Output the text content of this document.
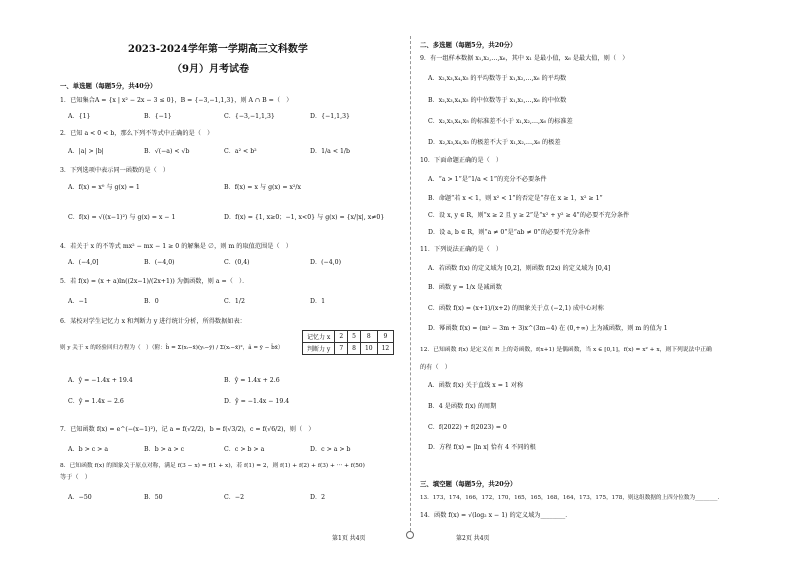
2023-2024学年第一学期高三文科数学
（9月）月考试卷
一、单选题（每题5分，共40分）
1．已知集合A = {x | x² − 2x − 3 ≤ 0}，B = {−3,−1,1,3}，则 A ∩ B =（　）
A．{1}	B．{−1}	C．{−3,−1,1,3}	D．{−1,1,3}
2．已知 a < 0 < b，那么下列不等式中正确的是（　）
A．|a| > |b|	B．√(−a) < √b	C．a² < b²	D．1/a < 1/b
3．下列选项中表示同一函数的是（　）
A．f(x) = x⁰ 与 g(x) = 1	B．f(x) = x 与 g(x) = x²/x
C．f(x) = √((x−1)²) 与 g(x) = x − 1	D．f(x) = {1, x≥0；−1, x<0} 与 g(x) = {x/|x|, x≠0}
4．若关于 x 的不等式 mx² − mx − 1 ≥ 0 的解集是 ∅，则 m 的取值范围是（　）
A．(−4,0]	B．(−4,0)	C．(0,4)	D．(−4,0)
5．若 f(x) = (x + a)ln((2x−1)/(2x+1)) 为偶函数，则 a =（　）．
A．−1	B．0	C．1/2	D．1
6．某校对学生记忆力 x 和判断力 y 进行统计分析，所得数据如表：
记忆力 x	2	5	8	9
判断力 y	7	8	10	12
则 y 关于 x 的经验回归方程为（　）（附：b̂ = Σ(xᵢ−x̄)(yᵢ−ȳ) / Σ(xᵢ−x̄)²，â = ȳ − b̂x̄）
A．ŷ = −1.4x + 19.4	B．ŷ = 1.4x + 2.6
C．ŷ = 1.4x − 2.6	D．ŷ = −1.4x − 19.4
7．已知函数 f(x) = e^(−(x−1)²)，记 a = f(√2/2)，b = f(√3/2)，c = f(√6/2)，则（　）
A．b > c > a	B．b > a > c	C．c > b > a	D．c > a > b
8．已知函数 f(x) 的图象关于原点对称，满足 f(3 − x) = f(1 + x)，若 f(1) = 2，则 f(1) + f(2) + f(3) + ··· + f(50)
等于（　）
A．−50	B．50	C．−2	D．2
二、多选题（每题5分，共20分）
9．有一组样本数据 x₁,x₂,…,x₆，其中 x₁ 是最小值，x₆ 是最大值，则（　）
A．x₂,x₃,x₄,x₅ 的平均数等于 x₁,x₂,…,x₆ 的平均数
B．x₂,x₃,x₄,x₅ 的中位数等于 x₁,x₂,…,x₆ 的中位数
C．x₂,x₃,x₄,x₅ 的标准差不小于 x₁,x₂,…,x₆ 的标准差
D．x₂,x₃,x₄,x₅ 的极差不大于 x₁,x₂,…,x₆ 的极差
10．下面命题正确的是（　）
A．“a > 1”是“1/a < 1”的充分不必要条件
B．命题“若 x < 1，则 x² < 1”的否定是“存在 x ≥ 1，x² ≥ 1”
C．设 x, y ∈ R，则“x ≥ 2 且 y ≥ 2”是“x² + y² ≥ 4”的必要不充分条件
D．设 a, b ∈ R，则“a ≠ 0”是“ab ≠ 0”的必要不充分条件
11．下列说法正确的是（　）
A．若函数 f(x) 的定义域为 [0,2]，则函数 f(2x) 的定义域为 [0,4]
B．函数 y = 1/x 是减函数
C．函数 f(x) = (x+1)/(x+2) 的图象关于点 (−2,1) 成中心对称
D．幂函数 f(x) = (m² − 3m + 3)x^(3m−4) 在 (0,+∞) 上为减函数，则 m 的值为 1
12．已知函数 f(x) 是定义在 R 上的奇函数，f(x+1) 是偶函数，当 x ∈ [0,1]，f(x) = x² + x，则下列说法中正确
的有（　）
A．函数 f(x) 关于直线 x = 1 对称
B．4 是函数 f(x) 的周期
C．f(2022) + f(2023) = 0
D．方程 f(x) = |ln x| 恰有 4 不同的根
三、填空题（每题5分，共20分）
13．173，174，166，172，170，165，165，168，164，173，175，178，则这组数据的上四分位数为________．
14．函数 f(x) = √(log₂ x − 1) 的定义域为________．
第1页 共4页	第2页 共4页
